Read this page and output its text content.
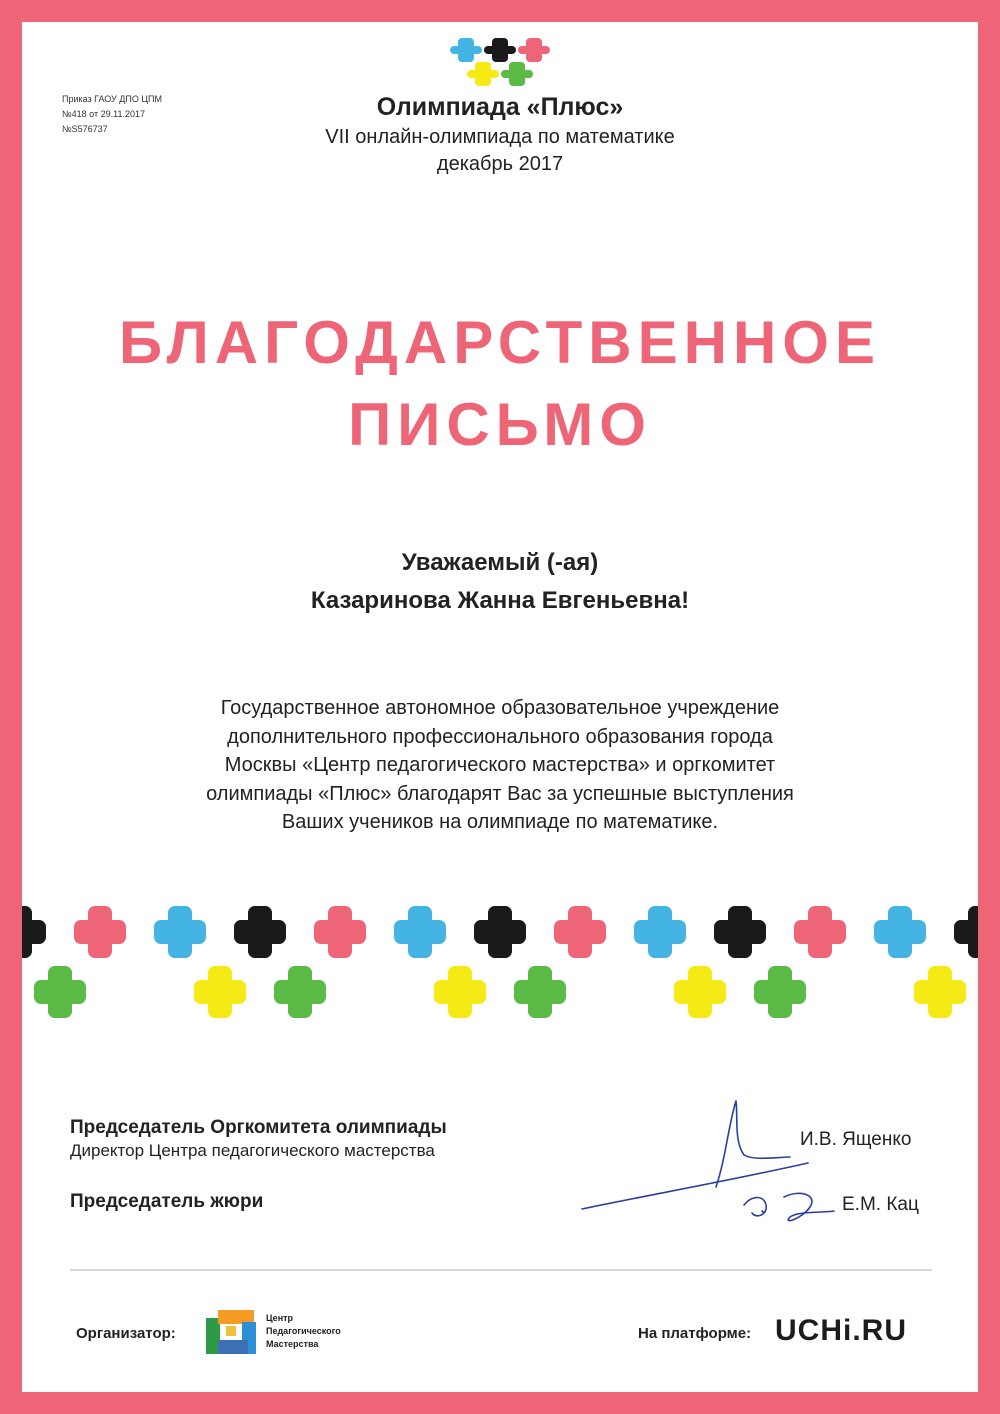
Приказ ГАОУ ДПО ЦПМ
№418 от 29.11.2017
№S576737
Олимпиада «Плюс»
VII онлайн-олимпиада по математике
декабрь 2017
БЛАГОДАРСТВЕННОЕ
ПИСЬМО
Уважаемый (-ая)
Казаринова Жанна Евгеньевна!
Государственное автономное образовательное учреждение
дополнительного профессионального образования города
Москвы «Центр педагогического мастерства» и оргкомитет
олимпиады «Плюс» благодарят Вас за успешные выступления
Ваших учеников на олимпиаде по математике.
Председатель Оргкомитета олимпиады
Директор Центра педагогического мастерства
Председатель жюри
И.В. Ященко
Е.М. Кац
Организатор:
Центр
Педагогического
Мастерства
На платформе: UCHi.RU
